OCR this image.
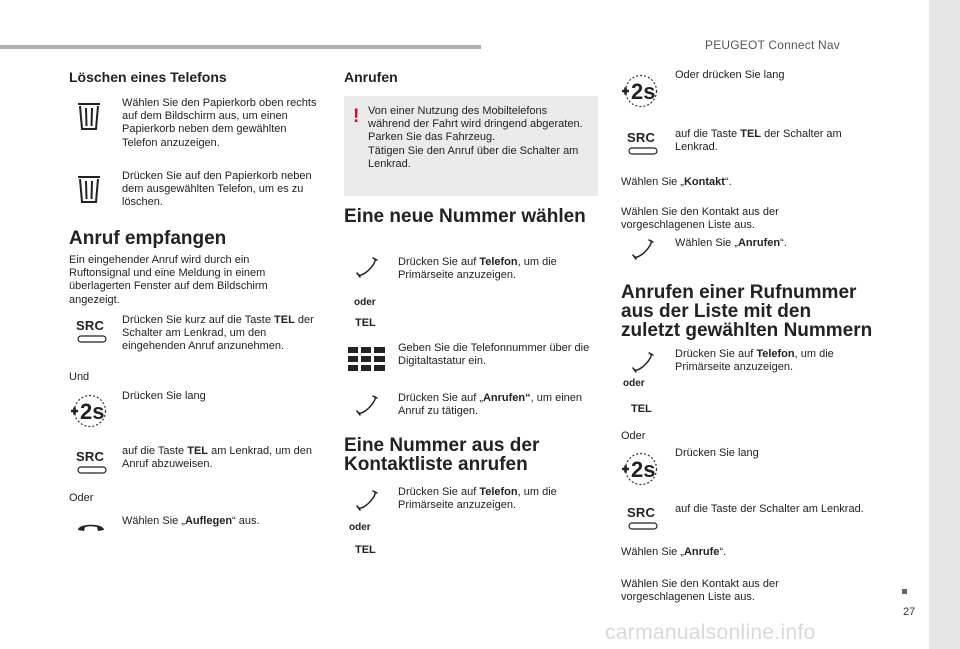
PEUGEOT Connect Nav
27
carmanualsonline.info
Löschen eines Telefons
Wählen Sie den Papierkorb oben rechts auf dem Bildschirm aus, um einen Papierkorb neben dem gewählten Telefon anzuzeigen.
Drücken Sie auf den Papierkorb neben dem ausgewählten Telefon, um es zu löschen.
Anruf empfangen
Ein eingehender Anruf wird durch ein Ruftonsignal und eine Meldung in einem überlagerten Fenster auf dem Bildschirm angezeigt.
SRC Drücken Sie kurz auf die Taste TEL der Schalter am Lenkrad, um den eingehenden Anruf anzunehmen.
Und
2s
Drücken Sie lang
SRC auf die Taste TEL am Lenkrad, um den Anruf abzuweisen.
Oder
Wählen Sie „Auflegen“ aus.
Anrufen
! Von einer Nutzung des Mobiltelefons während der Fahrt wird dringend abgeraten.
Parken Sie das Fahrzeug.
Tätigen Sie den Anruf über die Schalter am Lenkrad.
Eine neue Nummer wählen
oder
TEL
Drücken Sie auf Telefon, um die Primärseite anzuzeigen.
Geben Sie die Telefonnummer über die Digitaltastatur ein.
Drücken Sie auf „Anrufen“, um einen Anruf zu tätigen.
Eine Nummer aus der
Kontaktliste anrufen
oder
TEL
Drücken Sie auf Telefon, um die Primärseite anzuzeigen.
2s
Oder drücken Sie lang
SRC auf die Taste TEL der Schalter am Lenkrad.
Wählen Sie „Kontakt“.
Wählen Sie den Kontakt aus der vorgeschlagenen Liste aus.
Wählen Sie „Anrufen“.
Anrufen einer Rufnummer
aus der Liste mit den
zuletzt gewählten Nummern
oder
TEL
Drücken Sie auf Telefon, um die Primärseite anzuzeigen.
Oder
2s
Drücken Sie lang
SRC auf die Taste der Schalter am Lenkrad.
Wählen Sie „Anrufe“.
Wählen Sie den Kontakt aus der vorgeschlagenen Liste aus.
